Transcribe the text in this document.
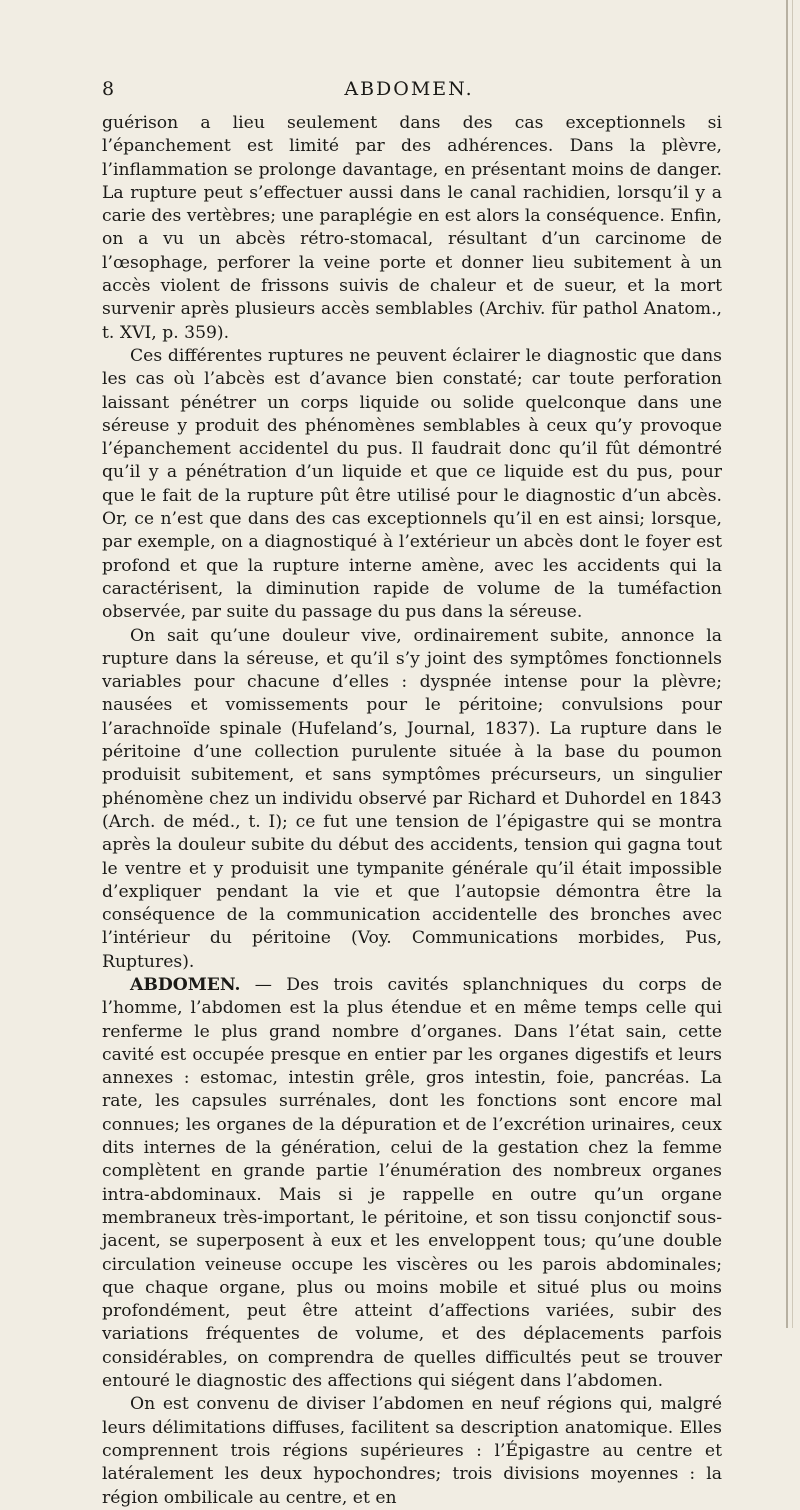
8	ABDOMEN.

guérison a lieu seulement dans des cas exceptionnels si l’épanchement est limité par des adhérences. Dans la plèvre, l’inflammation se prolonge davantage, en présentant moins de danger. La rupture peut s’effectuer aussi dans le canal rachidien, lorsqu’il y a carie des vertèbres; une paraplégie en est alors la conséquence. Enfin, on a vu un abcès rétro-stomacal, résultant d’un carcinome de l’œsophage, perforer la veine porte et donner lieu subitement à un accès violent de frissons suivis de chaleur et de sueur, et la mort survenir après plusieurs accès semblables (Archiv. für pathol Anatom., t. XVI, p. 359).

Ces différentes ruptures ne peuvent éclairer le diagnostic que dans les cas où l’abcès est d’avance bien constaté; car toute perforation laissant pénétrer un corps liquide ou solide quelconque dans une séreuse y produit des phénomènes semblables à ceux qu’y provoque l’épanchement accidentel du pus. Il faudrait donc qu’il fût démontré qu’il y a pénétration d’un liquide et que ce liquide est du pus, pour que le fait de la rupture pût être utilisé pour le diagnostic d’un abcès. Or, ce n’est que dans des cas exceptionnels qu’il en est ainsi; lorsque, par exemple, on a diagnostiqué à l’extérieur un abcès dont le foyer est profond et que la rupture interne amène, avec les accidents qui la caractérisent, la diminution rapide de volume de la tuméfaction observée, par suite du passage du pus dans la séreuse.

On sait qu’une douleur vive, ordinairement subite, annonce la rupture dans la séreuse, et qu’il s’y joint des symptômes fonctionnels variables pour chacune d’elles : dyspnée intense pour la plèvre; nausées et vomissements pour le péritoine; convulsions pour l’arachnoïde spinale (Hufeland’s, Journal, 1837). La rupture dans le péritoine d’une collection purulente située à la base du poumon produisit subitement, et sans symptômes précurseurs, un singulier phénomène chez un individu observé par Richard et Duhordel en 1843 (Arch. de méd., t. I); ce fut une tension de l’épigastre qui se montra après la douleur subite du début des accidents, tension qui gagna tout le ventre et y produisit une tympanite générale qu’il était impossible d’expliquer pendant la vie et que l’autopsie démontra être la conséquence de la communication accidentelle des bronches avec l’intérieur du péritoine (Voy. Communications morbides, Pus, Ruptures).

ABDOMEN. — Des trois cavités splanchniques du corps de l’homme, l’abdomen est la plus étendue et en même temps celle qui renferme le plus grand nombre d’organes. Dans l’état sain, cette cavité est occupée presque en entier par les organes digestifs et leurs annexes : estomac, intestin grêle, gros intestin, foie, pancréas. La rate, les capsules surrénales, dont les fonctions sont encore mal connues; les organes de la dépuration et de l’excrétion urinaires, ceux dits internes de la génération, celui de la gestation chez la femme complètent en grande partie l’énumération des nombreux organes intra-abdominaux. Mais si je rappelle en outre qu’un organe membraneux très-important, le péritoine, et son tissu conjonctif sous-jacent, se superposent à eux et les enveloppent tous; qu’une double circulation veineuse occupe les viscères ou les parois abdominales; que chaque organe, plus ou moins mobile et situé plus ou moins profondément, peut être atteint d’affections variées, subir des variations fréquentes de volume, et des déplacements parfois considérables, on comprendra de quelles difficultés peut se trouver entouré le diagnostic des affections qui siégent dans l’abdomen.

On est convenu de diviser l’abdomen en neuf régions qui, malgré leurs délimitations diffuses, facilitent sa description anatomique. Elles comprennent trois régions supérieures : l’Épigastre au centre et latéralement les deux hypochondres; trois divisions moyennes : la région ombilicale au centre, et en
